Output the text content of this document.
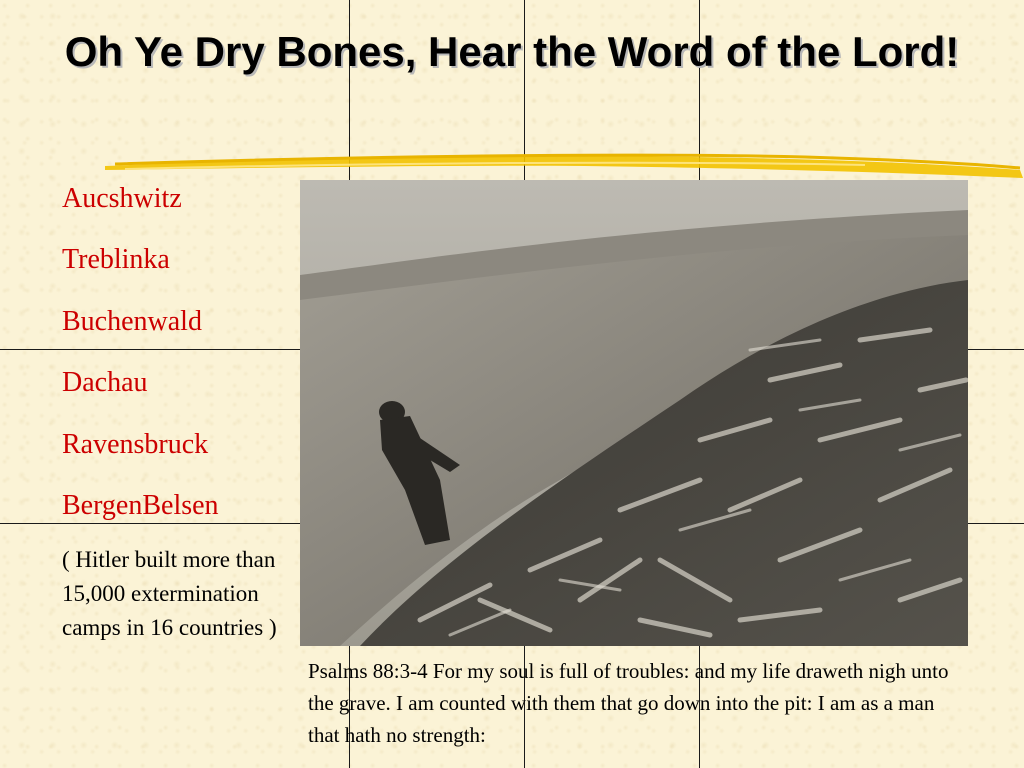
Oh Ye Dry Bones, Hear the Word of the Lord!
Aucshwitz
Treblinka
Buchenwald
Dachau
Ravensbruck
BergenBelsen
( Hitler built more than 15,000 extermination camps in 16 countries )
Psalms 88:3-4 For my soul is full of troubles: and my life draweth nigh unto the grave. I am counted with them that go down into the pit: I am as a man that hath no strength:
